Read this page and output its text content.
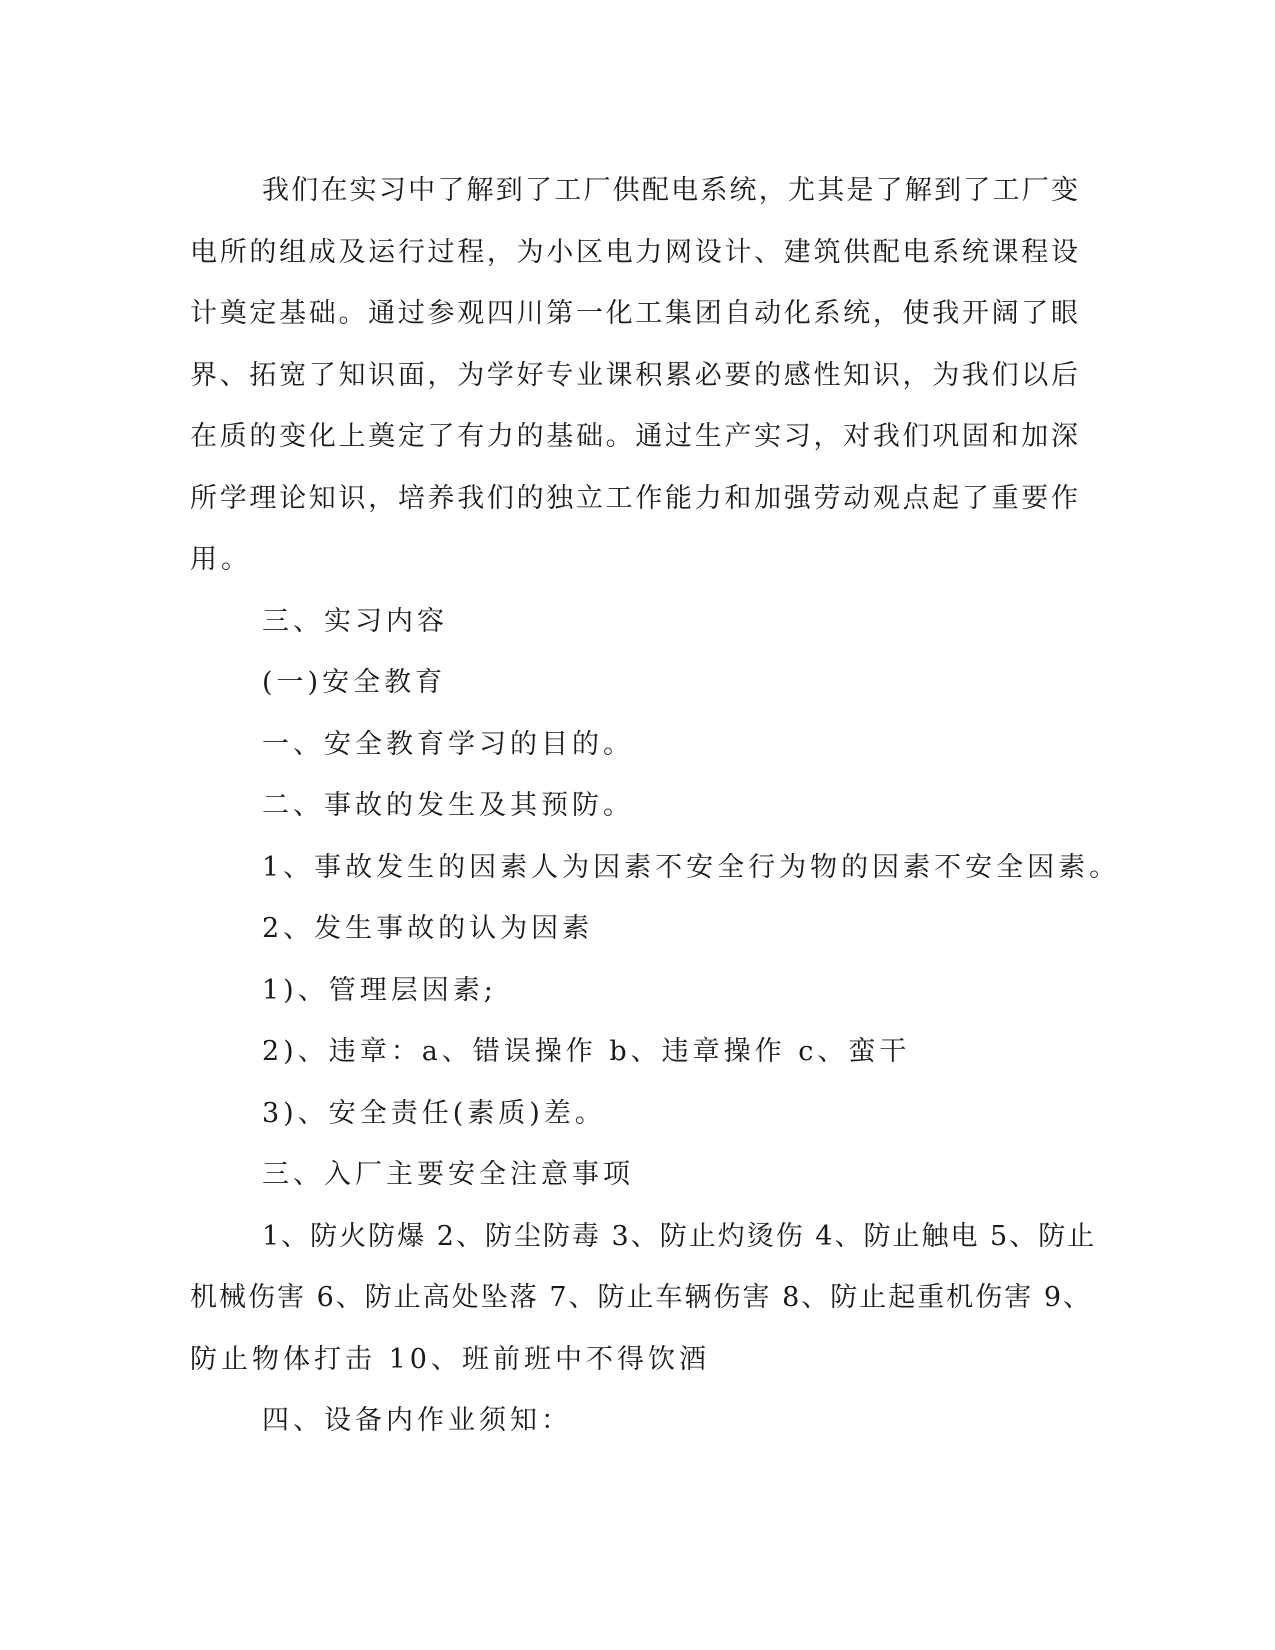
我们在实习中了解到了工厂供配电系统，尤其是了解到了工厂变
电所的组成及运行过程，为小区电力网设计、建筑供配电系统课程设
计奠定基础。通过参观四川第一化工集团自动化系统，使我开阔了眼
界、拓宽了知识面，为学好专业课积累必要的感性知识，为我们以后
在质的变化上奠定了有力的基础。通过生产实习，对我们巩固和加深
所学理论知识，培养我们的独立工作能力和加强劳动观点起了重要作
用。
三、实习内容
(一)安全教育
一、安全教育学习的目的。
二、事故的发生及其预防。
1、事故发生的因素人为因素不安全行为物的因素不安全因素。
2、发生事故的认为因素
1)、管理层因素;
2)、违章：a、错误操作 b、违章操作 c、蛮干
3)、安全责任(素质)差。
三、入厂主要安全注意事项
1、防火防爆 2、防尘防毒 3、防止灼烫伤 4、防止触电 5、防止
机械伤害 6、防止高处坠落 7、防止车辆伤害 8、防止起重机伤害 9、
防止物体打击 10、班前班中不得饮酒
四、设备内作业须知：
